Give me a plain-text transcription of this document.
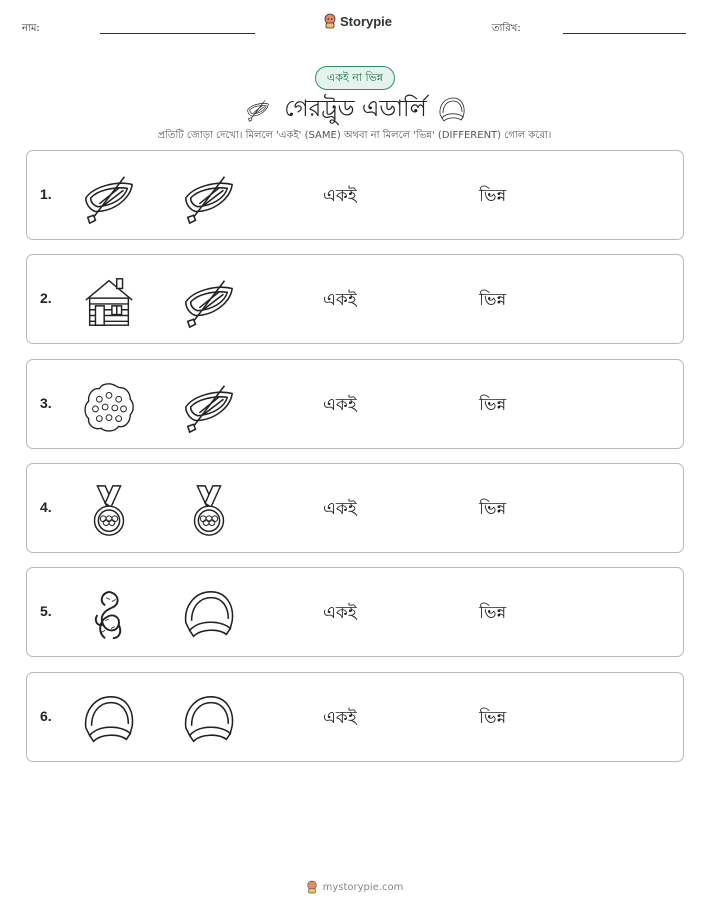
নাম:	Storypie	তারিখ:
একই না ভিন্ন
গেরট্রুড এডার্লি
প্রতিটি জোড়া দেখো। মিললে 'একই' (SAME) অথবা না মিললে 'ভিন্ন' (DIFFERENT) গোল করো।
1.	একই	ভিন্ন
2.	একই	ভিন্ন
3.	একই	ভিন্ন
4.	একই	ভিন্ন
5.	একই	ভিন্ন
6.	একই	ভিন্ন
mystorypie.com
